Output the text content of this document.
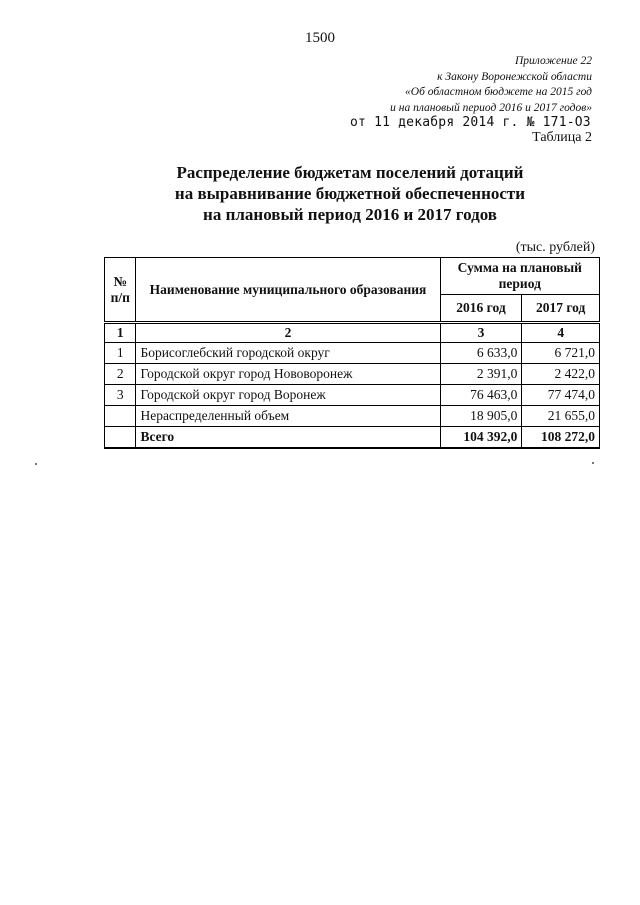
1500
Приложение 22
к Закону Воронежской области
«Об областном бюджете на 2015 год
и на плановый период 2016 и 2017 годов»
от 11 декабря 2014 г. № 171-ОЗ
Таблица 2
Распределение бюджетам поселений дотаций
на выравнивание бюджетной обеспеченности
на плановый период 2016 и 2017 годов
(тыс. рублей)
№ п/п	Наименование муниципального образования	Сумма на плановый период	
		2016 год	2017 год
1	2	3	4
1	Борисоглебский городской округ	6 633,0	6 721,0
2	Городской округ город Нововоронеж	2 391,0	2 422,0
3	Городской округ город Воронеж	76 463,0	77 474,0
	Нераспределенный объем	18 905,0	21 655,0
	Всего	104 392,0	108 272,0
